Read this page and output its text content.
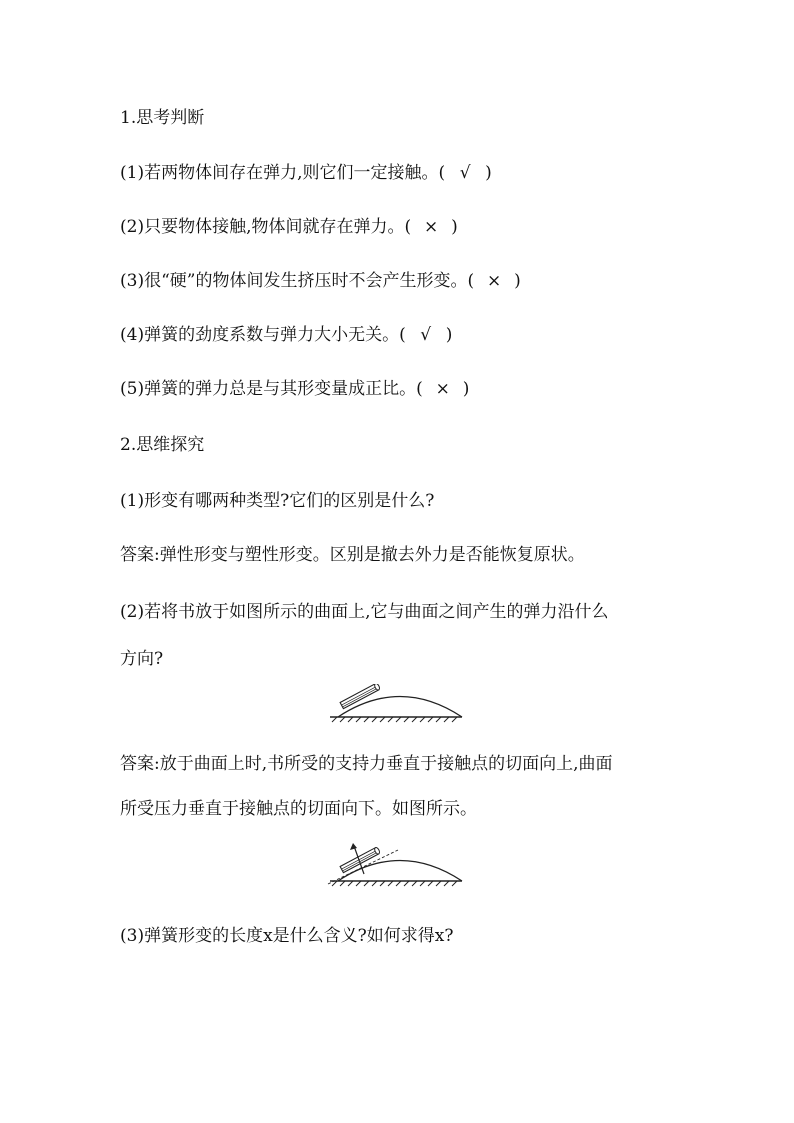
1.思考判断
(1)若两物体间存在弹力,则它们一定接触。( √ )
(2)只要物体接触,物体间就存在弹力。( × )
(3)很“硬”的物体间发生挤压时不会产生形变。( × )
(4)弹簧的劲度系数与弹力大小无关。( √ )
(5)弹簧的弹力总是与其形变量成正比。( × )
2.思维探究
(1)形变有哪两种类型?它们的区别是什么?
答案:弹性形变与塑性形变。区别是撤去外力是否能恢复原状。
(2)若将书放于如图所示的曲面上,它与曲面之间产生的弹力沿什么
方向?
答案:放于曲面上时,书所受的支持力垂直于接触点的切面向上,曲面
所受压力垂直于接触点的切面向下。如图所示。
(3)弹簧形变的长度x是什么含义?如何求得x?
